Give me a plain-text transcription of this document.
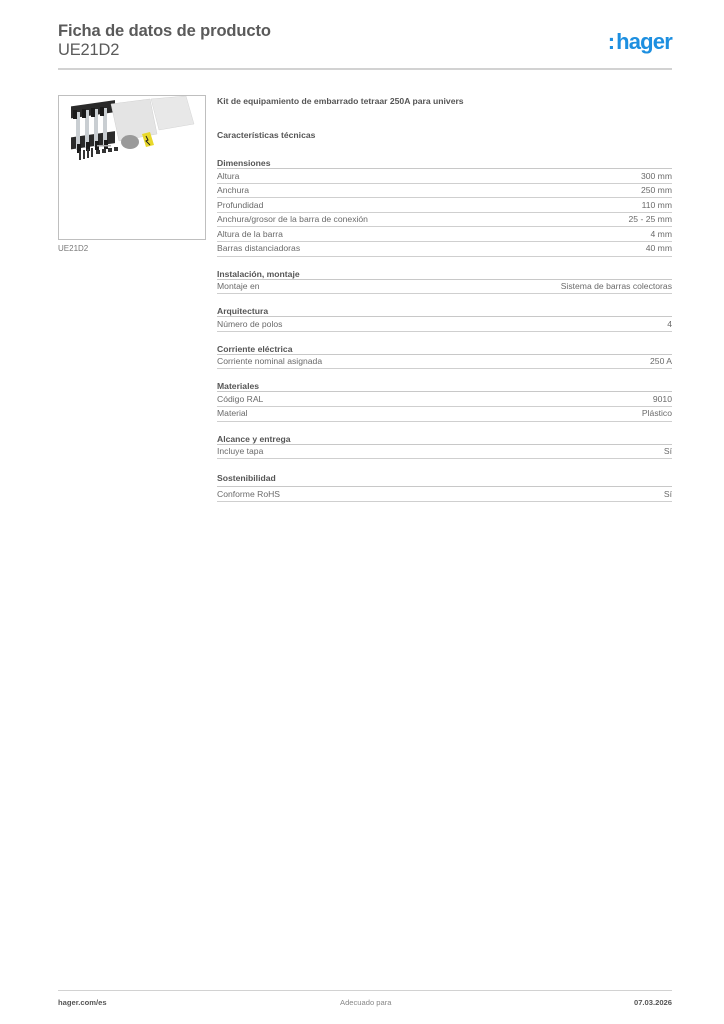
Ficha de datos de producto
UE21D2	:hager
UE21D2
Kit de equipamiento de embarrado tetraar 250A para univers
Características técnicas
Dimensiones
Altura	300 mm
Anchura	250 mm
Profundidad	110 mm
Anchura/grosor de la barra de conexión	25 - 25 mm
Altura de la barra	4 mm
Barras distanciadoras	40 mm
Instalación, montaje
Montaje en	Sistema de barras colectoras
Arquitectura
Número de polos	4
Corriente eléctrica
Corriente nominal asignada	250 A
Materiales
Código RAL	9010
Material	Plástico
Alcance y entrega
Incluye tapa	Sí
Sostenibilidad
Conforme RoHS	Sí
hager.com/es	Adecuado para	07.03.2026
